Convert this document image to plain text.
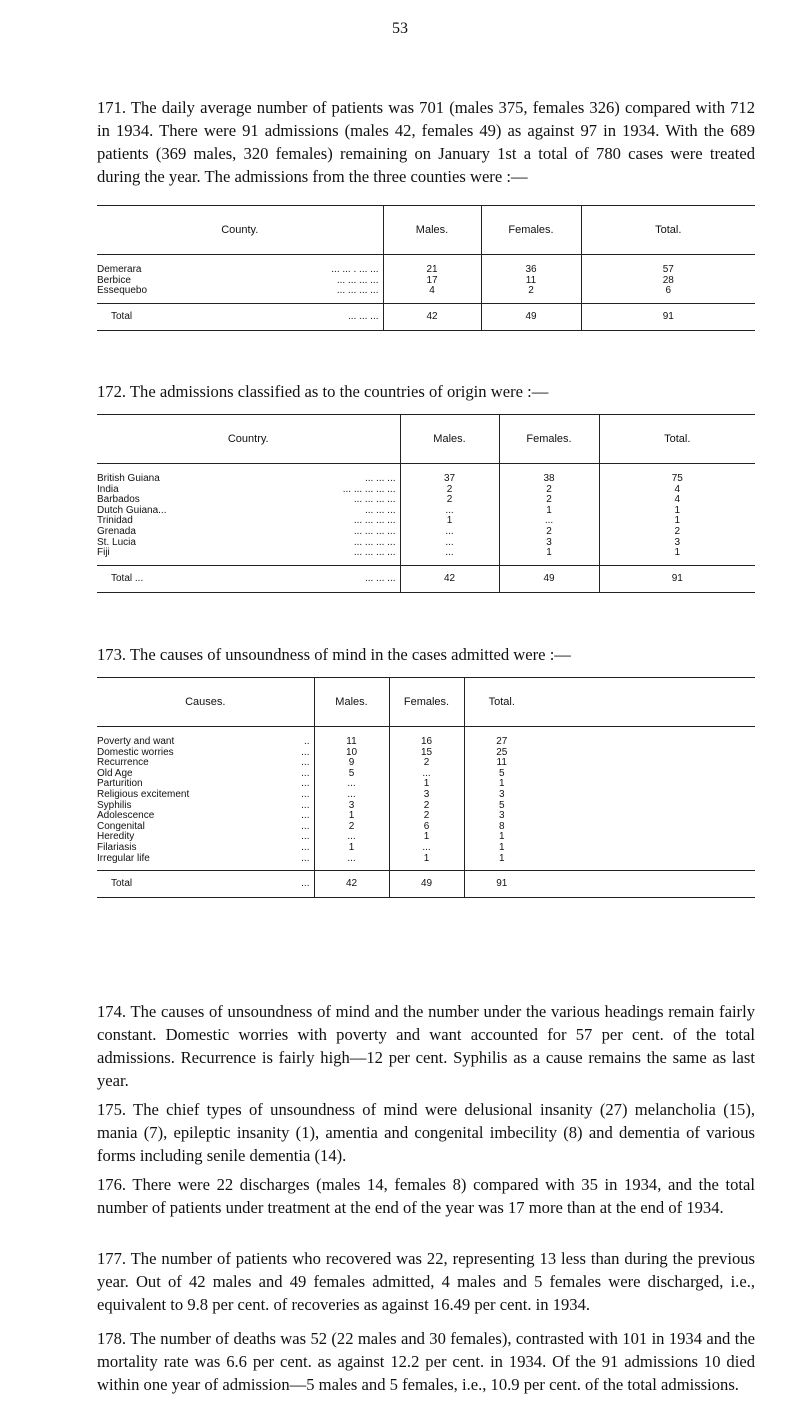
53

171. The daily average number of patients was 701 (males 375, females 326) compared with 712 in 1934. There were 91 admissions (males 42, females 49) as against 97 in 1934. With the 689 patients (369 males, 320 females) remaining on January 1st a total of 780 cases were treated during the year. The admissions from the three counties were :—

County.	Males.	Females.	Total.

Demerara ... ... . ... ...	21	36	57

Berbice ... ... ... ...	17	11	28

Essequebo ... ... ... ...	4	2	6

Total ... ... ...	42	49	91

172. The admissions classified as to the countries of origin were :—

Country.	Males.	Females.	Total.

British Guiana ... ... ...	37	38	75

India ... ... ... ... ...	2	2	4

Barbados ... ... ... ...	2	2	4

Dutch Guiana... ... ... ...	...	1	1

Trinidad ... ... ... ...	1	...	1

Grenada ... ... ... ...	...	2	2

St. Lucia ... ... ... ...	...	3	3

Fiji ... ... ... ...	...	1	1

Total ... ... ... ...	42	49	91

173. The causes of unsoundness of mind in the cases admitted were :—

Causes.	Males.	Females.	Total.	

Poverty and want ..	11	16	27	

Domestic worries ...	10	15	25	

Recurrence ...	9	2	11	

Old Age ...	5	...	5	

Parturition ...	...	1	1	

Religious excitement ...	...	3	3	

Syphilis ...	3	2	5	

Adolescence ...	1	2	3	

Congenital ...	2	6	8	

Heredity ...	...	1	1	

Filariasis ...	1	...	1	

Irregular life ...	...	1	1	

Total ...	42	49	91	

174. The causes of unsoundness of mind and the number under the various headings remain fairly constant. Domestic worries with poverty and want accounted for 57 per cent. of the total admissions. Recurrence is fairly high—12 per cent. Syphilis as a cause remains the same as last year.

175. The chief types of unsoundness of mind were delusional insanity (27) melancholia (15), mania (7), epileptic insanity (1), amentia and congenital imbecility (8) and dementia of various forms including senile dementia (14).

176. There were 22 discharges (males 14, females 8) compared with 35 in 1934, and the total number of patients under treatment at the end of the year was 17 more than at the end of 1934.

177. The number of patients who recovered was 22, representing 13 less than during the previous year. Out of 42 males and 49 females admitted, 4 males and 5 females were discharged, i.e., equivalent to 9.8 per cent. of recoveries as against 16.49 per cent. in 1934.

178. The number of deaths was 52 (22 males and 30 females), contrasted with 101 in 1934 and the mortality rate was 6.6 per cent. as against 12.2 per cent. in 1934. Of the 91 admissions 10 died within one year of admission—5 males and 5 females, i.e., 10.9 per cent. of the total admissions.
